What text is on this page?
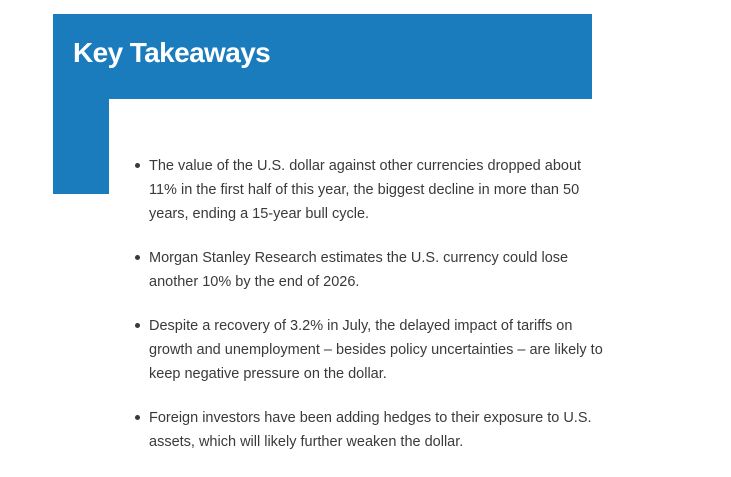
Key Takeaways
The value of the U.S. dollar against other currencies dropped about 11% in the first half of this year, the biggest decline in more than 50 years, ending a 15-year bull cycle.
Morgan Stanley Research estimates the U.S. currency could lose another 10% by the end of 2026.
Despite a recovery of 3.2% in July, the delayed impact of tariffs on growth and unemployment – besides policy uncertainties – are likely to keep negative pressure on the dollar.
Foreign investors have been adding hedges to their exposure to U.S. assets, which will likely further weaken the dollar.
